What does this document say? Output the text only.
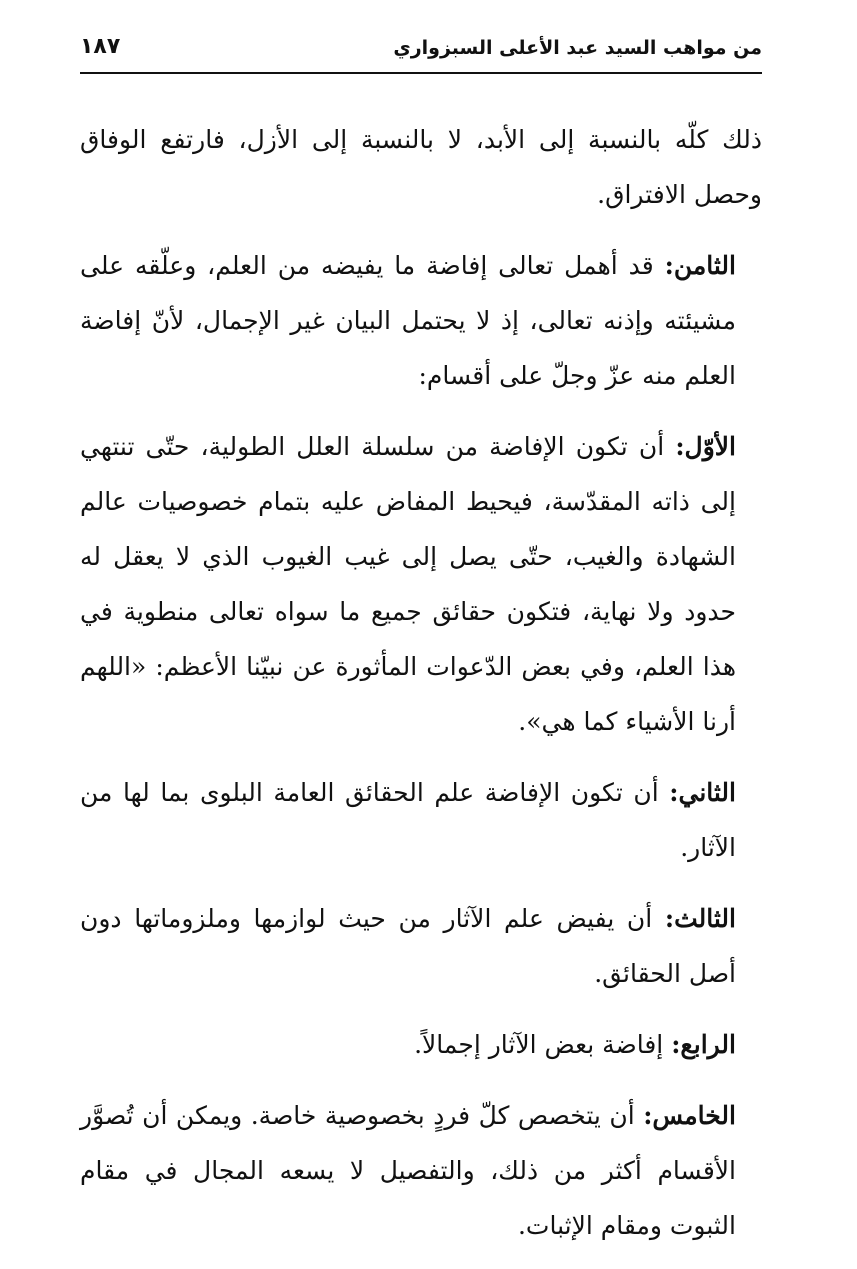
من مواهب السيد عبد الأعلى السبزواري
١٨٧

ذلك كلّه بالنسبة إلى الأبد، لا بالنسبة إلى الأزل، فارتفع الوفاق وحصل الافتراق.

الثامن: قد أهمل تعالى إفاضة ما يفيضه من العلم، وعلّقه على مشيئته وإذنه تعالى، إذ لا يحتمل البيان غير الإجمال، لأنّ إفاضة العلم منه عزّ وجلّ على أقسام:

الأوّل: أن تكون الإفاضة من سلسلة العلل الطولية، حتّى تنتهي إلى ذاته المقدّسة، فيحيط المفاض عليه بتمام خصوصيات عالم الشهادة والغيب، حتّى يصل إلى غيب الغيوب الذي لا يعقل له حدود ولا نهاية، فتكون حقائق جميع ما سواه تعالى منطوية في هذا العلم، وفي بعض الدّعوات المأثورة عن نبيّنا الأعظم: «اللهم أرنا الأشياء كما هي».

الثاني: أن تكون الإفاضة علم الحقائق العامة البلوى بما لها من الآثار.

الثالث: أن يفيض علم الآثار من حيث لوازمها وملزوماتها دون أصل الحقائق.

الرابع: إفاضة بعض الآثار إجمالاً.

الخامس: أن يتخصص كلّ فردٍ بخصوصية خاصة. ويمكن أن تُصوَّر الأقسام أكثر من ذلك، والتفصيل لا يسعه المجال في مقام الثبوت ومقام الإثبات.
